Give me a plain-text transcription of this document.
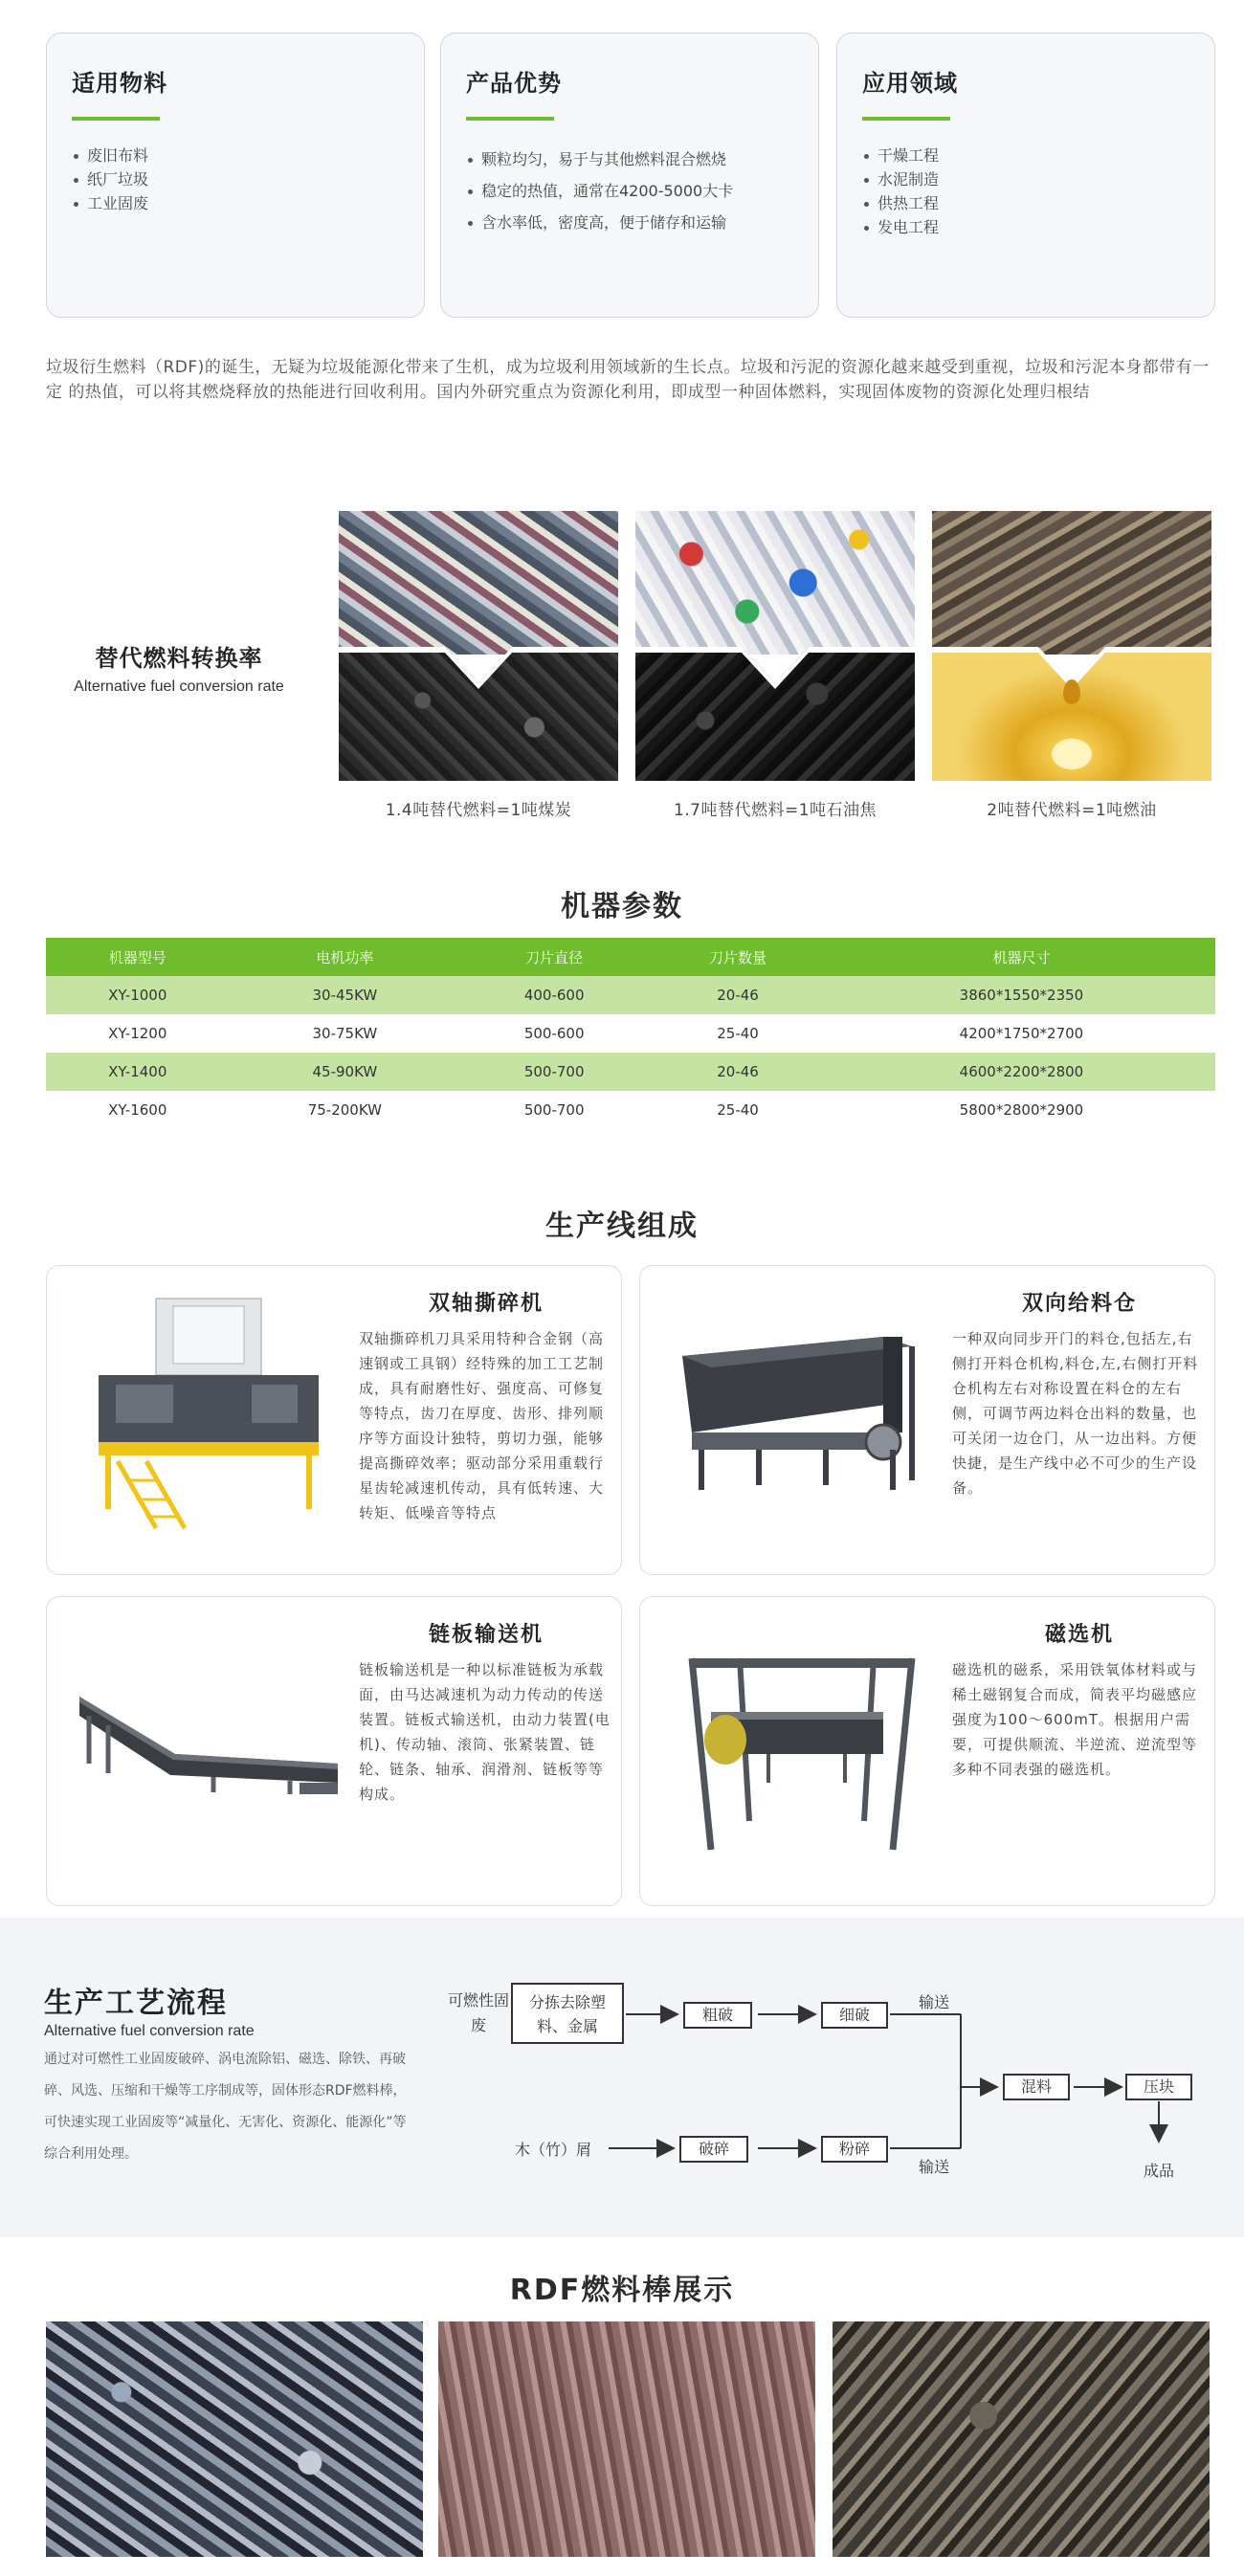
适用物料
废旧布料
纸厂垃圾
工业固废
产品优势
颗粒均匀，易于与其他燃料混合燃烧
稳定的热值，通常在4200-5000大卡
含水率低，密度高，便于储存和运输
应用领域
干燥工程
水泥制造
供热工程
发电工程

垃圾衍生燃料（RDF)的诞生，无疑为垃圾能源化带来了生机，成为垃圾利用领域新的生长点。垃圾和污泥的资源化越来越受到重视，垃圾和污泥本身都带有一定 的热值，可以将其燃烧释放的热能进行回收利用。国内外研究重点为资源化利用，即成型一种固体燃料，实现固体废物的资源化处理归根结

替代燃料转换率
Alternative fuel conversion rate
1.4吨替代燃料=1吨煤炭	1.7吨替代燃料=1吨石油焦	2吨替代燃料=1吨燃油
机器参数
机器型号	电机功率	刀片直径	刀片数量	机器尺寸
XY-1000	30-45KW	400-600	20-46	3860*1550*2350
XY-1200	30-75KW	500-600	25-40	4200*1750*2700
XY-1400	45-90KW	500-700	20-46	4600*2200*2800
XY-1600	75-200KW	500-700	25-40	5800*2800*2900
生产线组成
双轴撕碎机

双轴撕碎机刀具采用特种合金钢（高速钢或工具钢）经特殊的加工工艺制成，具有耐磨性好、强度高、可修复等特点，齿刀在厚度、齿形、排列顺序等方面设计独特，剪切力强，能够提高撕碎效率；驱动部分采用重载行星齿轮减速机传动，具有低转速、大转矩、低噪音等特点

双向给料仓

一种双向同步开门的料仓,包括左,右侧打开料仓机构,料仓,左,右侧打开料仓机构左右对称设置在料仓的左右侧，可调节两边料仓出料的数量，也可关闭一边仓门，从一边出料。方便快捷，是生产线中必不可少的生产设备。

链板输送机

链板输送机是一种以标准链板为承载面，由马达减速机为动力传动的传送装置。链板式输送机，由动力装置(电机)、传动轴、滚筒、张紧装置、链轮、链条、轴承、润滑剂、链板等等构成。

磁选机

磁选机的磁系，采用铁氧体材料或与稀土磁钢复合而成，简表平均磁感应强度为100～600mT。根据用户需要，可提供顺流、半逆流、逆流型等多种不同表强的磁选机。

生产工艺流程
Alternative fuel conversion rate

通过对可燃性工业固废破碎、涡电流除铝、磁选、除铁、再破碎、风选、压缩和干燥等工序制成等，固体形态RDF燃料棒，可快速实现工业固废等“减量化、无害化、资源化、能源化”等综合利用处理。

可燃性固废
分拣去除塑料、金属
粗破	细破
输送
木（竹）屑	破碎	粉碎
输送
混料	压块
成品
RDF燃料棒展示
